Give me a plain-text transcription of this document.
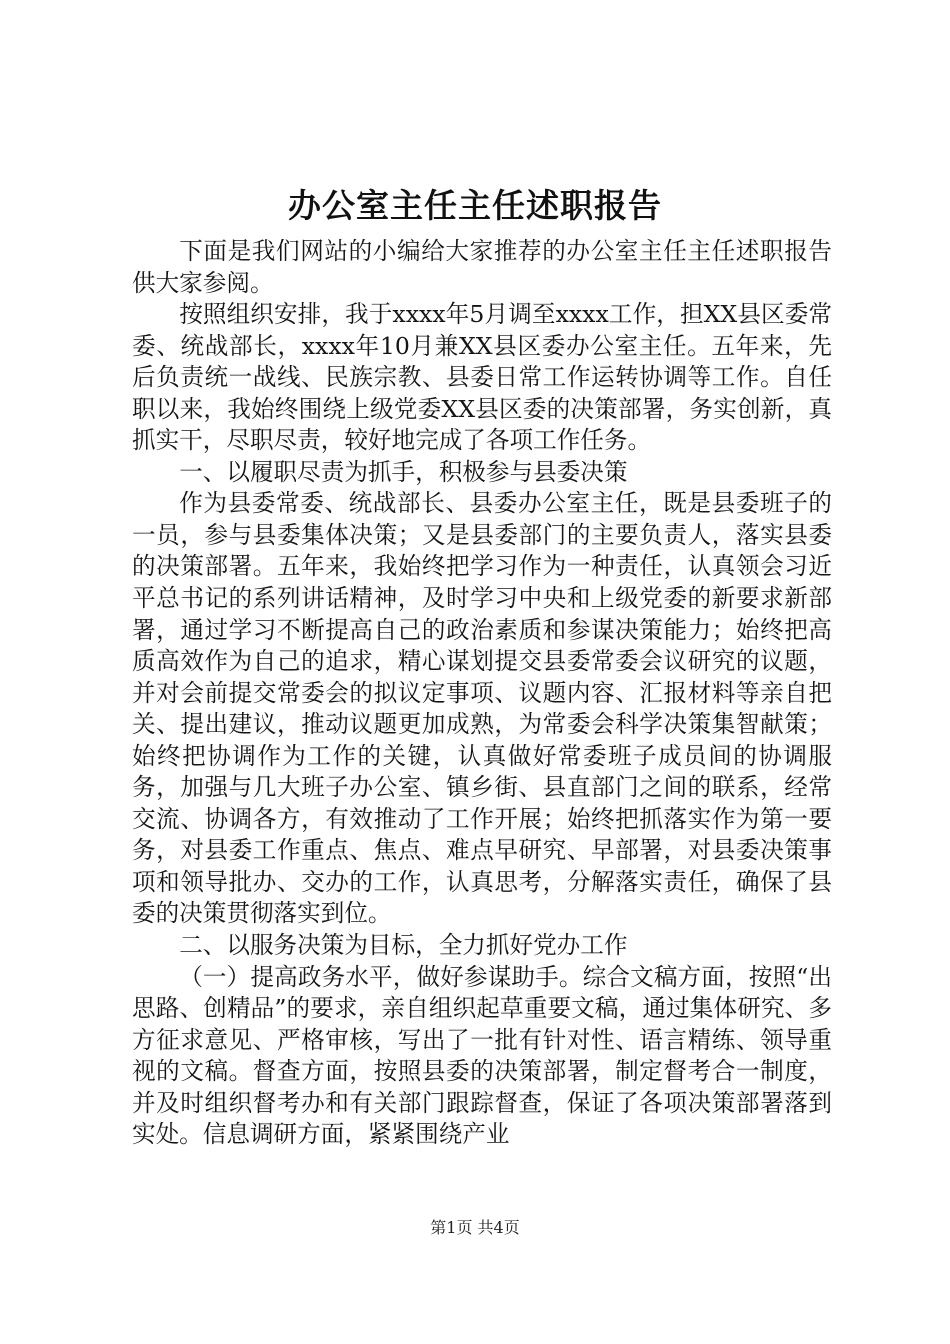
办公室主任主任述职报告

下面是我们网站的小编给大家推荐的办公室主任主任述职报告供大家参阅。

按照组织安排，我于xxxx年5月调至xxxx工作，担XX县区委常委、统战部长，xxxx年10月兼XX县区委办公室主任。五年来，先后负责统一战线、民族宗教、县委日常工作运转协调等工作。自任职以来，我始终围绕上级党委XX县区委的决策部署，务实创新，真抓实干，尽职尽责，较好地完成了各项工作任务。

一、以履职尽责为抓手，积极参与县委决策

作为县委常委、统战部长、县委办公室主任，既是县委班子的一员，参与县委集体决策；又是县委部门的主要负责人，落实县委的决策部署。五年来，我始终把学习作为一种责任，认真领会习近平总书记的系列讲话精神，及时学习中央和上级党委的新要求新部署，通过学习不断提高自己的政治素质和参谋决策能力；始终把高质高效作为自己的追求，精心谋划提交县委常委会议研究的议题，并对会前提交常委会的拟议定事项、议题内容、汇报材料等亲自把关、提出建议，推动议题更加成熟，为常委会科学决策集智献策；始终把协调作为工作的关键，认真做好常委班子成员间的协调服务，加强与几大班子办公室、镇乡街、县直部门之间的联系，经常交流、协调各方，有效推动了工作开展；始终把抓落实作为第一要务，对县委工作重点、焦点、难点早研究、早部署，对县委决策事项和领导批办、交办的工作，认真思考，分解落实责任，确保了县委的决策贯彻落实到位。

二、以服务决策为目标，全力抓好党办工作

（一）提高政务水平，做好参谋助手。综合文稿方面，按照“出思路、创精品”的要求，亲自组织起草重要文稿，通过集体研究、多方征求意见、严格审核，写出了一批有针对性、语言精练、领导重视的文稿。督查方面，按照县委的决策部署，制定督考合一制度，并及时组织督考办和有关部门跟踪督查，保证了各项决策部署落到实处。信息调研方面，紧紧围绕产业

第1页 共4页
